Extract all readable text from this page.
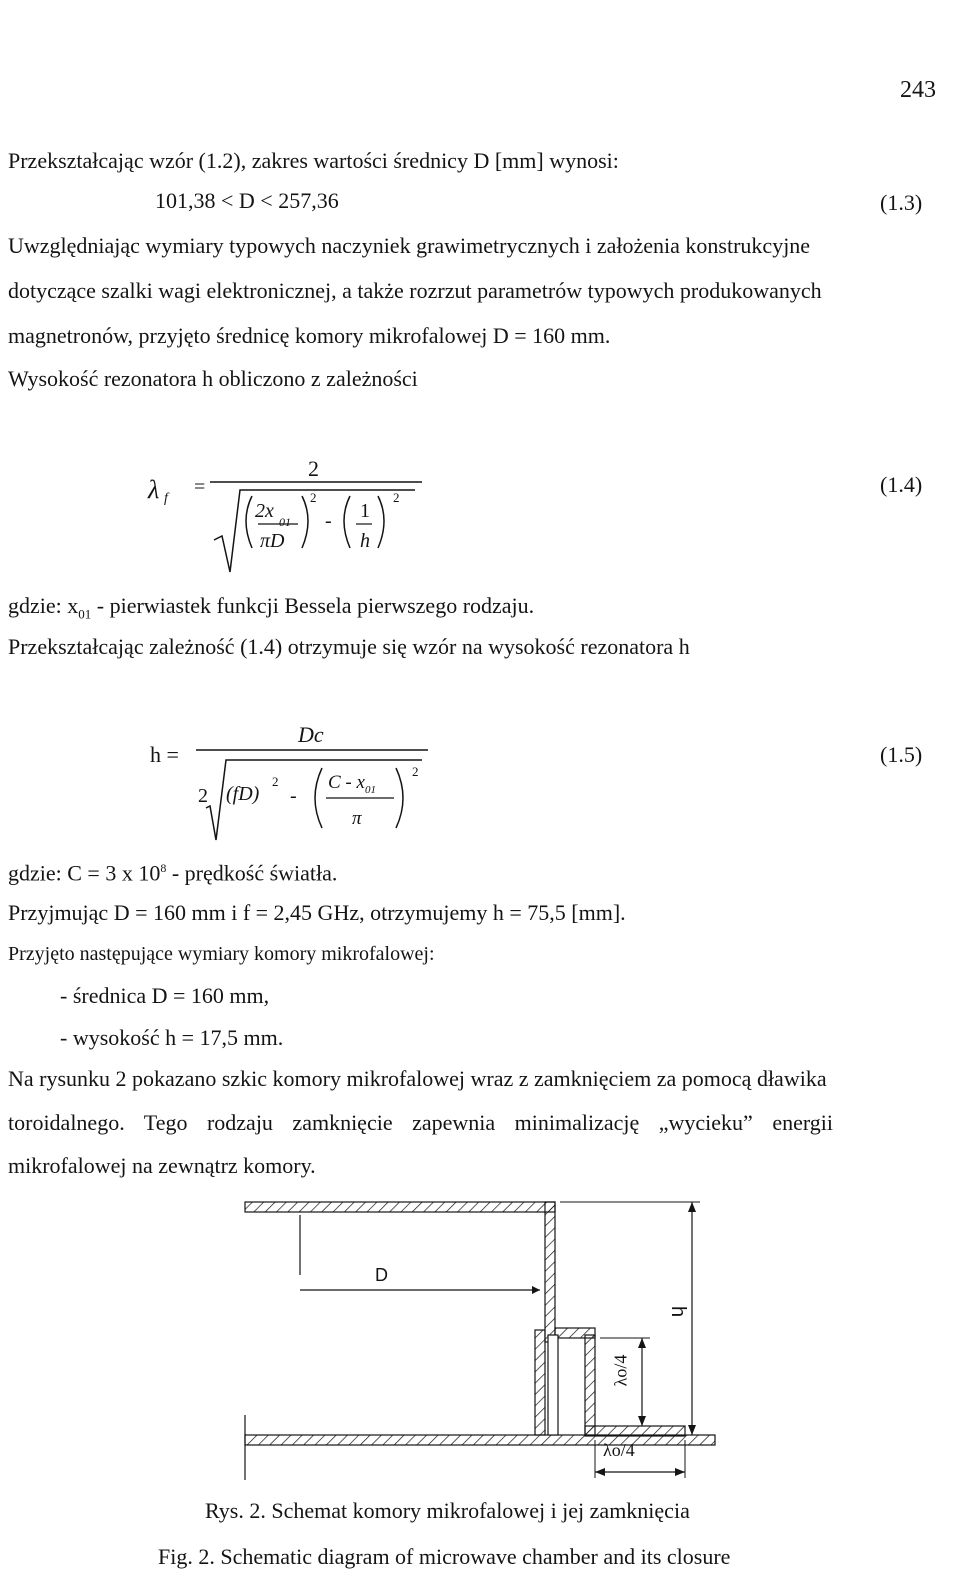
243
Przekształcając wzór (1.2), zakres wartości średnicy D [mm] wynosi:
101,38 < D < 257,36	(1.3)
Uwzględniając wymiary typowych naczyniek grawimetrycznych i założenia konstrukcyjne
dotyczące szalki wagi elektronicznej, a także rozrzut parametrów typowych produkowanych
magnetronów, przyjęto średnicę komory mikrofalowej D = 160 mm.
Wysokość rezonatora h obliczono z zależności
λ f
=
2
2x 01
πD
2
- 1
h
2
(1.4)
gdzie: $x_{01}$ - pierwiastek funkcji Bessela pierwszego rodzaju.
Przekształcając zależność (1.4) otrzymuje się wzór na wysokość rezonatora h
h =
Dc
2 (fD)
2
-
C - $x_{01}$
π
2
(1.5)
gdzie: C = 3 x $10^8$ - prędkość światła.
Przyjmując D = 160 mm i f = 2,45 GHz, otrzymujemy h = 75,5 [mm].
Przyjęto następujące wymiary komory mikrofalowej:
- średnica D = 160 mm,
- wysokość h = 17,5 mm.
Na rysunku 2 pokazano szkic komory mikrofalowej wraz z zamknięciem za pomocą dławika
toroidalnego. Tego rodzaju zamknięcie zapewnia minimalizację „wycieku” energii
mikrofalowej na zewnątrz komory.
D
h
λo/4
λo/4
Rys. 2. Schemat komory mikrofalowej i jej zamknięcia
Fig. 2. Schematic diagram of microwave chamber and its closure
